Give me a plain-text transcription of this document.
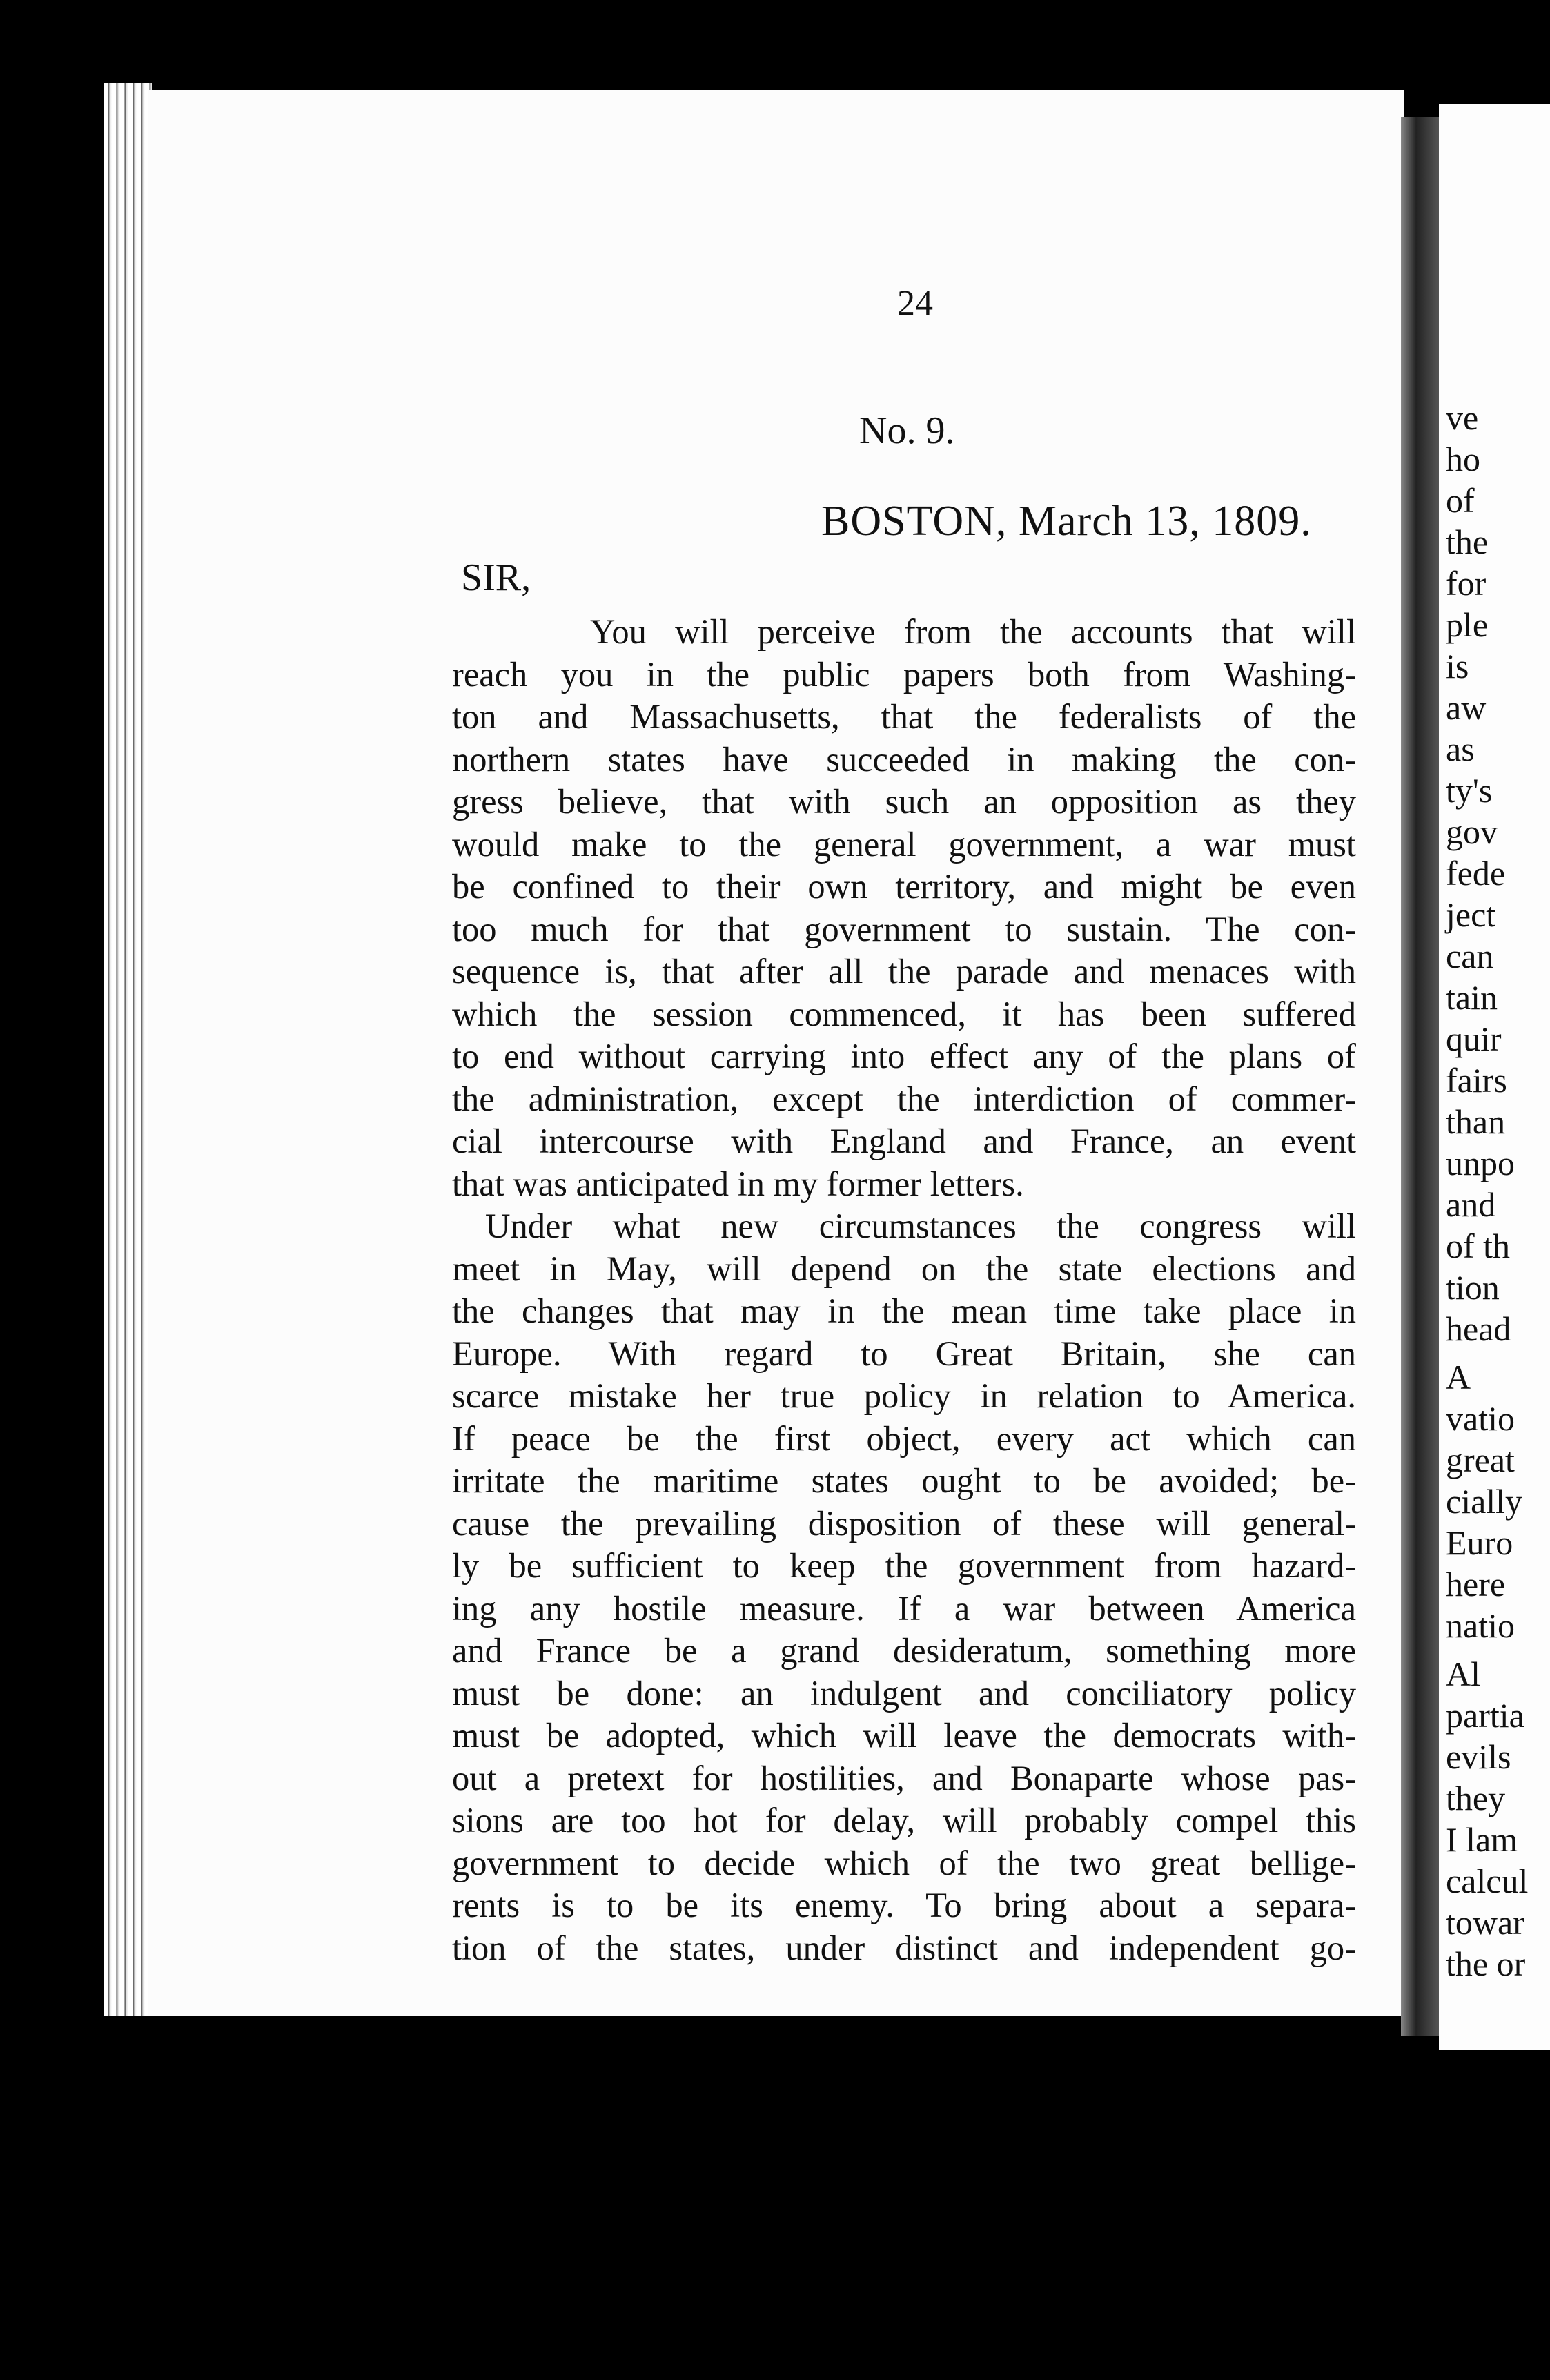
24
No. 9.
BOSTON, March 13, 1809.
SIR,
You will perceive from the accounts that will
reach you in the public papers both from Washing-
ton and Massachusetts, that the federalists of the
northern states have succeeded in making the con-
gress believe, that with such an opposition as they
would make to the general government, a war must
be confined to their own territory, and might be even
too much for that government to sustain. The con-
sequence is, that after all the parade and menaces with
which the session commenced, it has been suffered
to end without carrying into effect any of the plans of
the administration, except the interdiction of commer-
cial intercourse with England and France, an event
that was anticipated in my former letters.
Under what new circumstances the congress will
meet in May, will depend on the state elections and
the changes that may in the mean time take place in
Europe. With regard to Great Britain, she can
scarce mistake her true policy in relation to America.
If peace be the first object, every act which can
irritate the maritime states ought to be avoided; be-
cause the prevailing disposition of these will general-
ly be sufficient to keep the government from hazard-
ing any hostile measure. If a war between America
and France be a grand desideratum, something more
must be done: an indulgent and conciliatory policy
must be adopted, which will leave the democrats with-
out a pretext for hostilities, and Bonaparte whose pas-
sions are too hot for delay, will probably compel this
government to decide which of the two great bellige-
rents is to be its enemy. To bring about a separa-
tion of the states, under distinct and independent go-
ve
ho
of
the
for
ple
is
aw
as
ty's
gov
fede
ject
can
tain
quir
fairs
than
unpo
and
of th
tion
head
A
vatio
great
cially
Euro
here
natio
Al
partia
evils
they
I lam
calcul
towar
the or
